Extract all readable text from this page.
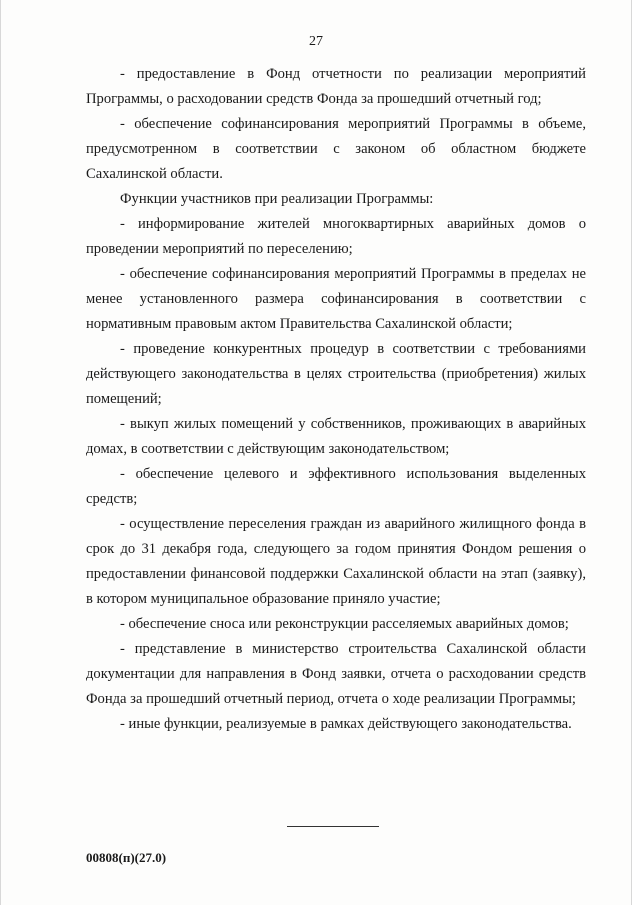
27

- предоставление в Фонд отчетности по реализации мероприятий Программы, о расходовании средств Фонда за прошедший отчетный год;

- обеспечение софинансирования мероприятий Программы в объеме, предусмотренном в соответствии с законом об областном бюджете Сахалинской области.

Функции участников при реализации Программы:

- информирование жителей многоквартирных аварийных домов о проведении мероприятий по переселению;

- обеспечение софинансирования мероприятий Программы в пределах не менее установленного размера софинансирования в соответствии с нормативным правовым актом Правительства Сахалинской области;

- проведение конкурентных процедур в соответствии с требованиями действующего законодательства в целях строительства (приобретения) жилых помещений;

- выкуп жилых помещений у собственников, проживающих в аварийных домах, в соответствии с действующим законодательством;

- обеспечение целевого и эффективного использования выделенных средств;

- осуществление переселения граждан из аварийного жилищного фонда в срок до 31 декабря года, следующего за годом принятия Фондом решения о предоставлении финансовой поддержки Сахалинской области на этап (заявку), в котором муниципальное образование приняло участие;

- обеспечение сноса или реконструкции расселяемых аварийных домов;

- представление в министерство строительства Сахалинской области документации для направления в Фонд заявки, отчета о расходовании средств Фонда за прошедший отчетный период, отчета о ходе реализации Программы;

- иные функции, реализуемые в рамках действующего законодательства.

00808(п)(27.0)
